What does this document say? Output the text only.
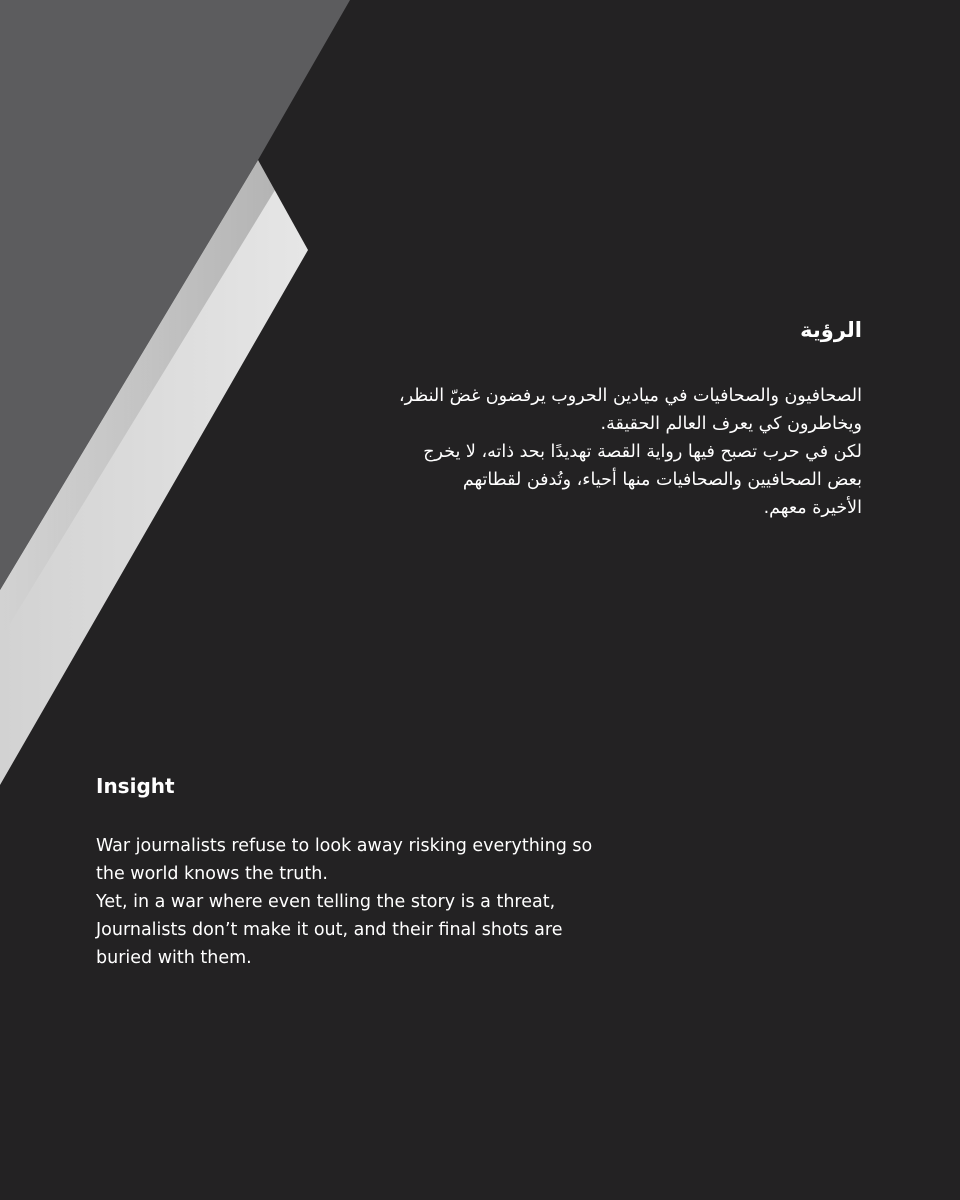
الرؤية
الصحافيون والصحافيات في ميادين الحروب يرفضون غضّ النظر،
ويخاطرون كي يعرف العالم الحقيقة.
لكن في حرب تصبح فيها رواية القصة تهديدًا بحد ذاته، لا يخرج
بعض الصحافيين والصحافيات منها أحياء، وتُدفن لقطاتهم
الأخيرة معهم.
Insight
War journalists refuse to look away risking everything so
the world knows the truth.
Yet, in a war where even telling the story is a threat,
Journalists don’t make it out, and their final shots are
buried with them.
